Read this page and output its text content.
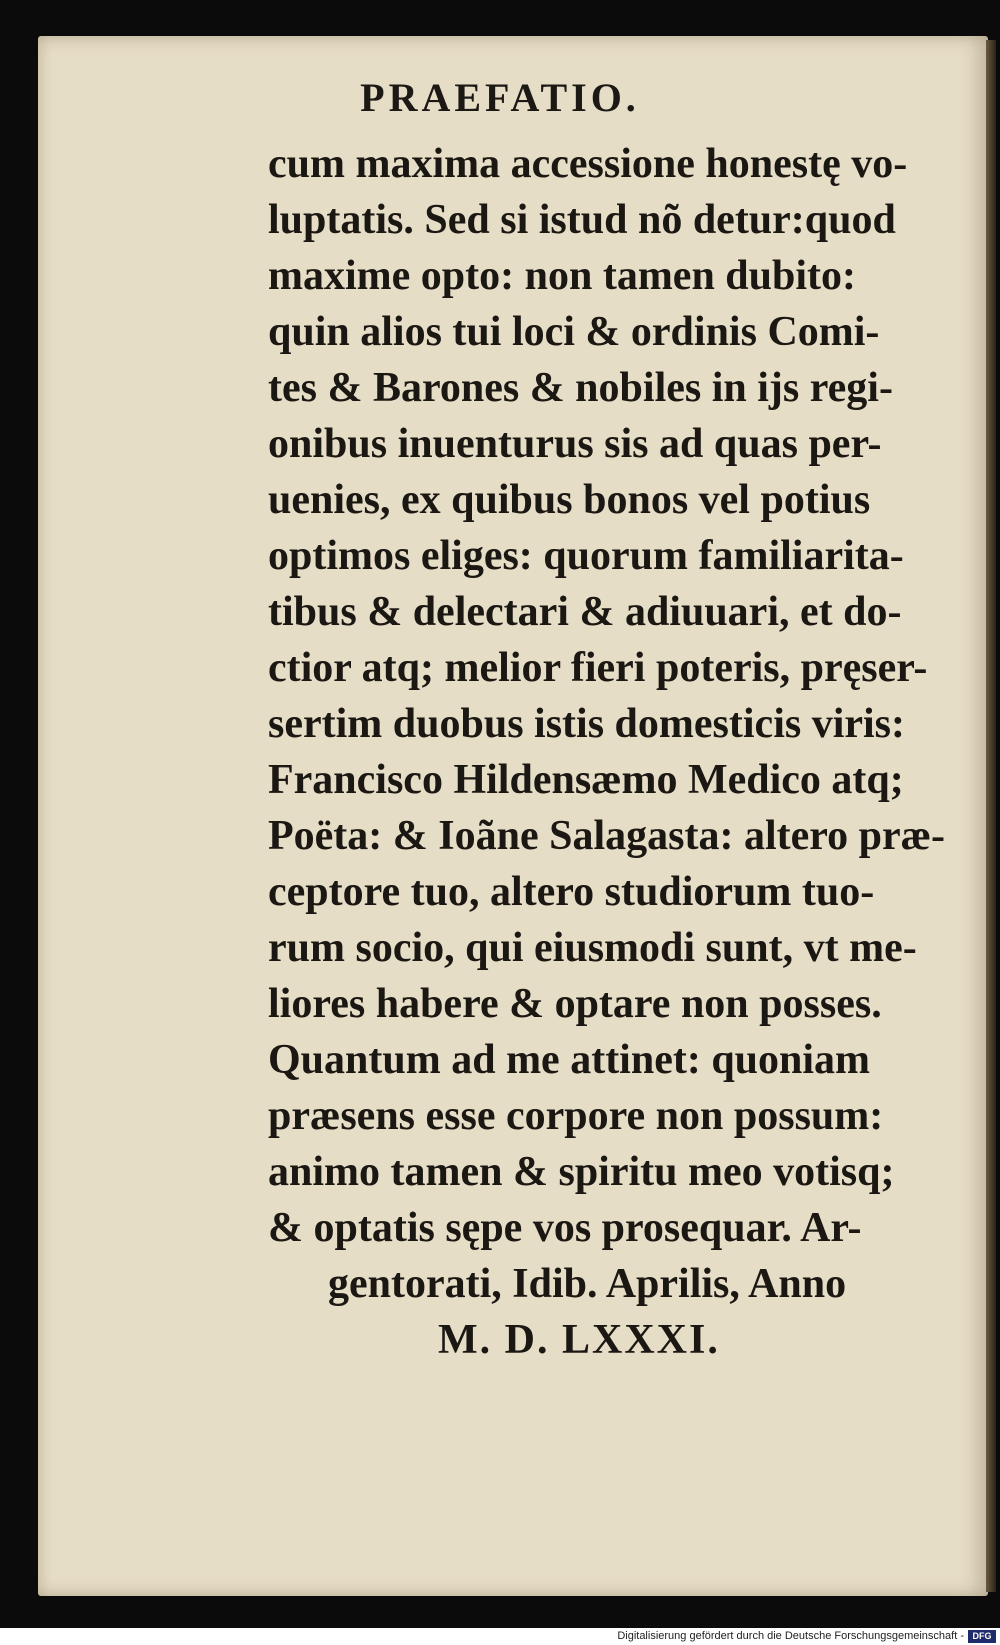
PRAEFATIO.
cum maxima accessione honestę vo-
luptatis. Sed si istud nõ detur:quod
maxime opto: non tamen dubito:
quin alios tui loci & ordinis Comi-
tes & Barones & nobiles in ijs regi-
onibus inuenturus sis ad quas per-
uenies, ex quibus bonos vel potius
optimos eliges: quorum familiarita-
tibus & delectari & adiuuari, et do-
ctior atq; melior fieri poteris, pręser-
sertim duobus istis domesticis viris:
Francisco Hildensæmo Medico atq;
Poëta: & Ioãne Salagasta: altero præ-
ceptore tuo, altero studiorum tuo-
rum socio, qui eiusmodi sunt, vt me-
liores habere & optare non posses.
Quantum ad me attinet: quoniam
præsens esse corpore non possum:
animo tamen & spiritu meo votisq;
& optatis sępe vos prosequar. Ar-
gentorati, Idib. Aprilis, Anno
M. D. LXXXI.
Digitalisierung gefördert durch die Deutsche Forschungsgemeinschaft - DFG
